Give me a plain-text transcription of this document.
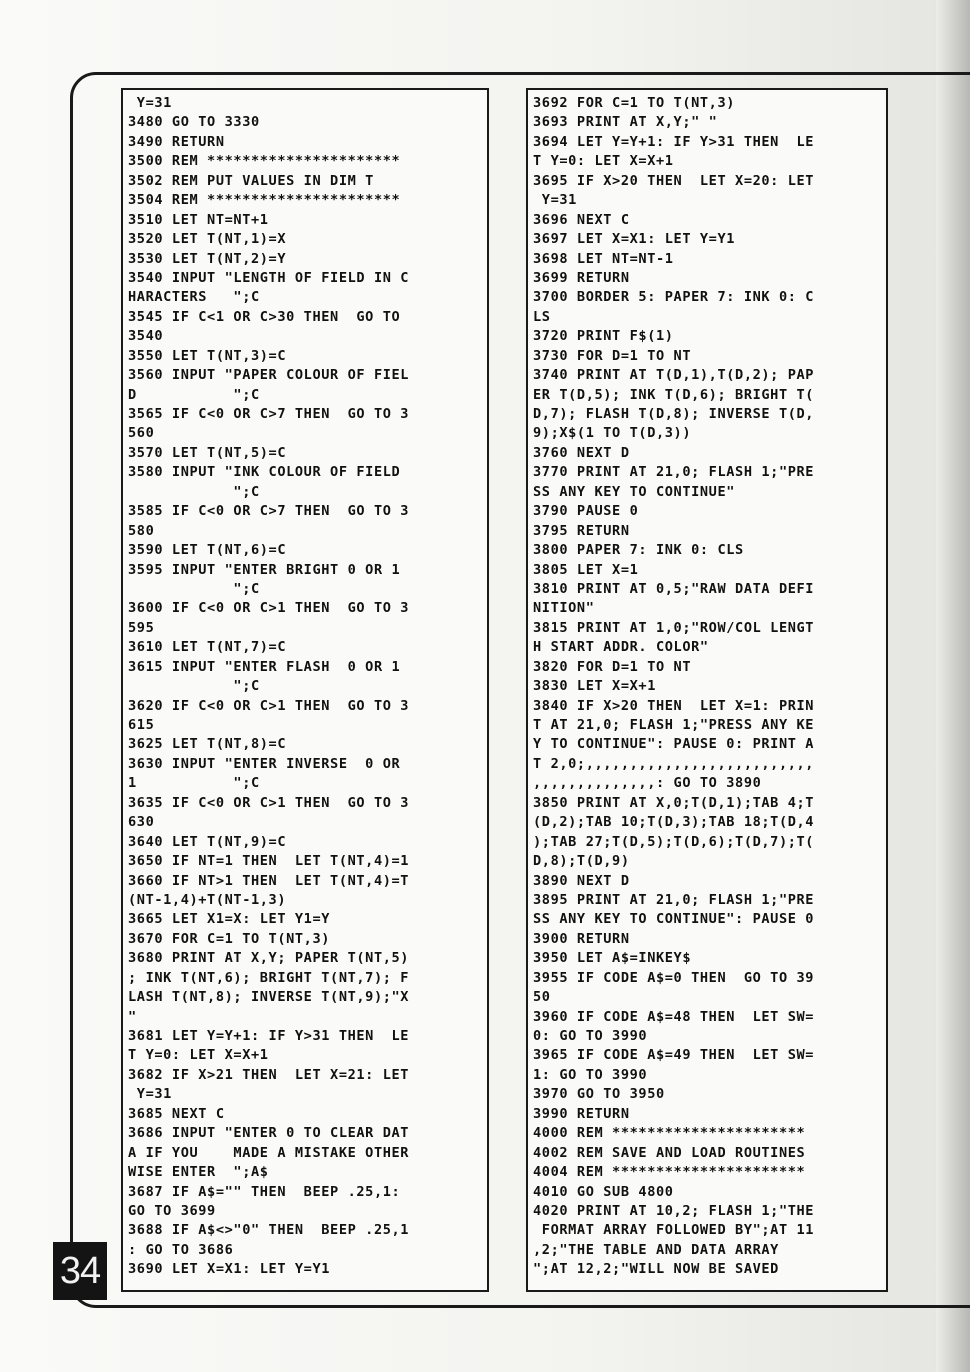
Y=31
3480 GO TO 3330
3490 RETURN
3500 REM **********************
3502 REM PUT VALUES IN DIM T
3504 REM **********************
3510 LET NT=NT+1
3520 LET T(NT,1)=X
3530 LET T(NT,2)=Y
3540 INPUT "LENGTH OF FIELD IN C
HARACTERS   ";C
3545 IF C<1 OR C>30 THEN  GO TO
3540
3550 LET T(NT,3)=C
3560 INPUT "PAPER COLOUR OF FIEL
D           ";C
3565 IF C<0 OR C>7 THEN  GO TO 3
560
3570 LET T(NT,5)=C
3580 INPUT "INK COLOUR OF FIELD
";C
3585 IF C<0 OR C>7 THEN  GO TO 3
580
3590 LET T(NT,6)=C
3595 INPUT "ENTER BRIGHT 0 OR 1
";C
3600 IF C<0 OR C>1 THEN  GO TO 3
595
3610 LET T(NT,7)=C
3615 INPUT "ENTER FLASH  0 OR 1
";C
3620 IF C<0 OR C>1 THEN  GO TO 3
615
3625 LET T(NT,8)=C
3630 INPUT "ENTER INVERSE  0 OR
1           ";C
3635 IF C<0 OR C>1 THEN  GO TO 3
630
3640 LET T(NT,9)=C
3650 IF NT=1 THEN  LET T(NT,4)=1
3660 IF NT>1 THEN  LET T(NT,4)=T
(NT-1,4)+T(NT-1,3)
3665 LET X1=X: LET Y1=Y
3670 FOR C=1 TO T(NT,3)
3680 PRINT AT X,Y; PAPER T(NT,5)
; INK T(NT,6); BRIGHT T(NT,7); F
LASH T(NT,8); INVERSE T(NT,9);"X
"
3681 LET Y=Y+1: IF Y>31 THEN  LE
T Y=0: LET X=X+1
3682 IF X>21 THEN  LET X=21: LET
Y=31
3685 NEXT C
3686 INPUT "ENTER 0 TO CLEAR DAT
A IF YOU    MADE A MISTAKE OTHER
WISE ENTER  ";A$
3687 IF A$="" THEN  BEEP .25,1:
GO TO 3699
3688 IF A$<>"0" THEN  BEEP .25,1
: GO TO 3686
3690 LET X=X1: LET Y=Y1
3692 FOR C=1 TO T(NT,3)
3693 PRINT AT X,Y;" "
3694 LET Y=Y+1: IF Y>31 THEN  LE
T Y=0: LET X=X+1
3695 IF X>20 THEN  LET X=20: LET
Y=31
3696 NEXT C
3697 LET X=X1: LET Y=Y1
3698 LET NT=NT-1
3699 RETURN
3700 BORDER 5: PAPER 7: INK 0: C
LS
3720 PRINT F$(1)
3730 FOR D=1 TO NT
3740 PRINT AT T(D,1),T(D,2); PAP
ER T(D,5); INK T(D,6); BRIGHT T(
D,7); FLASH T(D,8); INVERSE T(D,
9);X$(1 TO T(D,3))
3760 NEXT D
3770 PRINT AT 21,0; FLASH 1;"PRE
SS ANY KEY TO CONTINUE"
3790 PAUSE 0
3795 RETURN
3800 PAPER 7: INK 0: CLS
3805 LET X=1
3810 PRINT AT 0,5;"RAW DATA DEFI
NITION"
3815 PRINT AT 1,0;"ROW/COL LENGT
H START ADDR. COLOR"
3820 FOR D=1 TO NT
3830 LET X=X+1
3840 IF X>20 THEN  LET X=1: PRIN
T AT 21,0; FLASH 1;"PRESS ANY KE
Y TO CONTINUE": PAUSE 0: PRINT A
T 2,0;,,,,,,,,,,,,,,,,,,,,,,,,,,
,,,,,,,,,,,,,,: GO TO 3890
3850 PRINT AT X,0;T(D,1);TAB 4;T
(D,2);TAB 10;T(D,3);TAB 18;T(D,4
);TAB 27;T(D,5);T(D,6);T(D,7);T(
D,8);T(D,9)
3890 NEXT D
3895 PRINT AT 21,0; FLASH 1;"PRE
SS ANY KEY TO CONTINUE": PAUSE 0
3900 RETURN
3950 LET A$=INKEY$
3955 IF CODE A$=0 THEN  GO TO 39
50
3960 IF CODE A$=48 THEN  LET SW=
0: GO TO 3990
3965 IF CODE A$=49 THEN  LET SW=
1: GO TO 3990
3970 GO TO 3950
3990 RETURN
4000 REM **********************
4002 REM SAVE AND LOAD ROUTINES
4004 REM **********************
4010 GO SUB 4800
4020 PRINT AT 10,2; FLASH 1;"THE
FORMAT ARRAY FOLLOWED BY";AT 11
,2;"THE TABLE AND DATA ARRAY
";AT 12,2;"WILL NOW BE SAVED
34
